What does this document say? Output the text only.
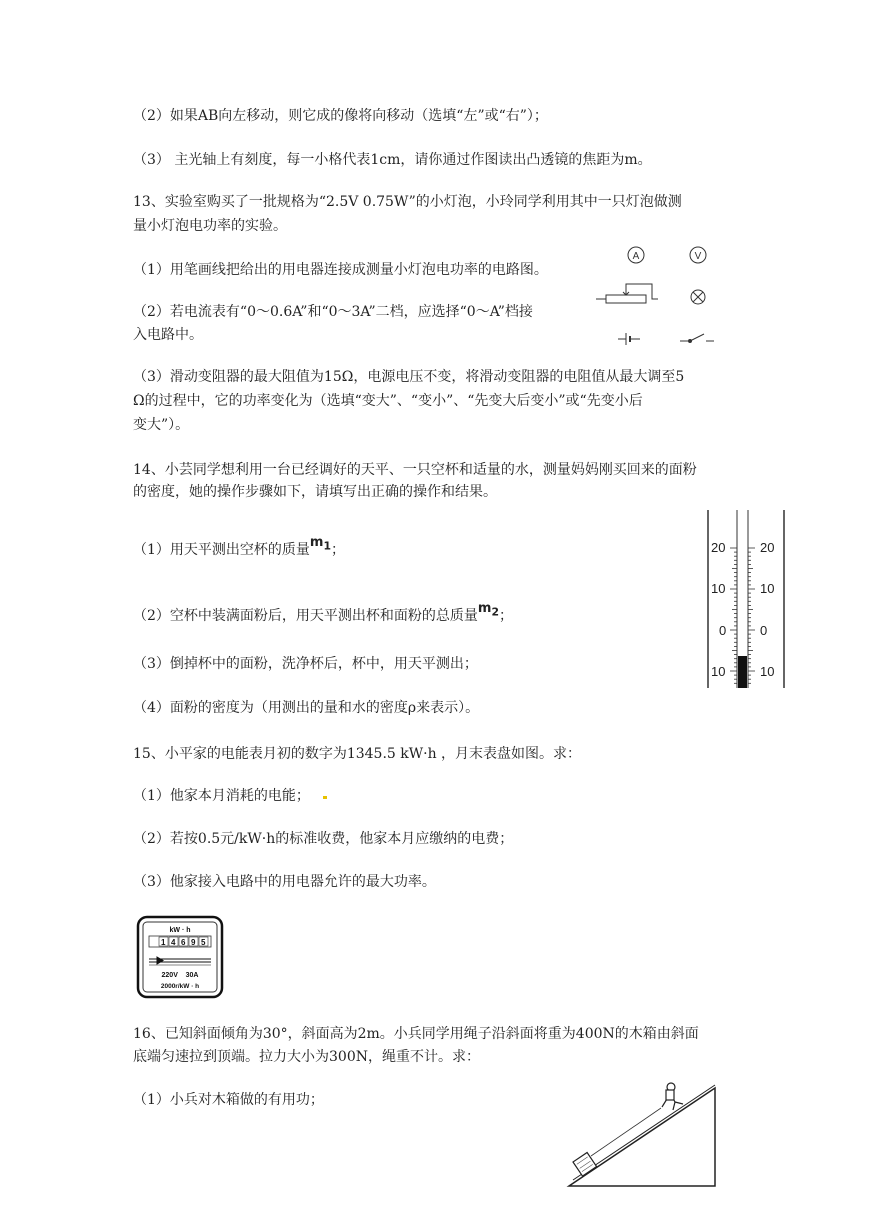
（2）如果AB向左移动，则它成的像将向移动（选填“左”或“右”）；
（3） 主光轴上有刻度，每一小格代表1cm，请你通过作图读出凸透镜的焦距为m。
13、实验室购买了一批规格为“2.5V 0.75W”的小灯泡，小玲同学利用其中一只灯泡做测
量小灯泡电功率的实验。
（1）用笔画线把给出的用电器连接成测量小灯泡电功率的电路图。
（2）若电流表有“0～0.6A”和“0～3A”二档，应选择“0～A”档接
入电路中。
（3）滑动变阻器的最大阻值为15Ω，电源电压不变，将滑动变阻器的电阻值从最大调至5
Ω的过程中，它的功率变化为（选填“变大”、“变小”、“先变大后变小”或“先变小后
变大”）。
A	V
14、小芸同学想利用一台已经调好的天平、一只空杯和适量的水，测量妈妈刚买回来的面粉
的密度，她的操作步骤如下，请填写出正确的操作和结果。
（1）用天平测出空杯的质量$m_1$；
（2）空杯中装满面粉后，用天平测出杯和面粉的总质量$m_2$；
（3）倒掉杯中的面粉，洗净杯后，杯中，用天平测出；
（4）面粉的密度为（用测出的量和水的密度ρ来表示）。
20
10
0
10
20
10
0
10
15、小平家的电能表月初的数字为1345.5 kW·h ，月末表盘如图。求：
（1）他家本月消耗的电能；
（2）若按0.5元/kW·h的标准收费，他家本月应缴纳的电费；
（3）他家接入电路中的用电器允许的最大功率。
kW · h
1 4 6 9 5
220V    30A
2000r/kW · h
16、已知斜面倾角为30°，斜面高为2m。小兵同学用绳子沿斜面将重为400N的木箱由斜面
底端匀速拉到顶端。拉力大小为300N，绳重不计。求：
（1）小兵对木箱做的有用功；
